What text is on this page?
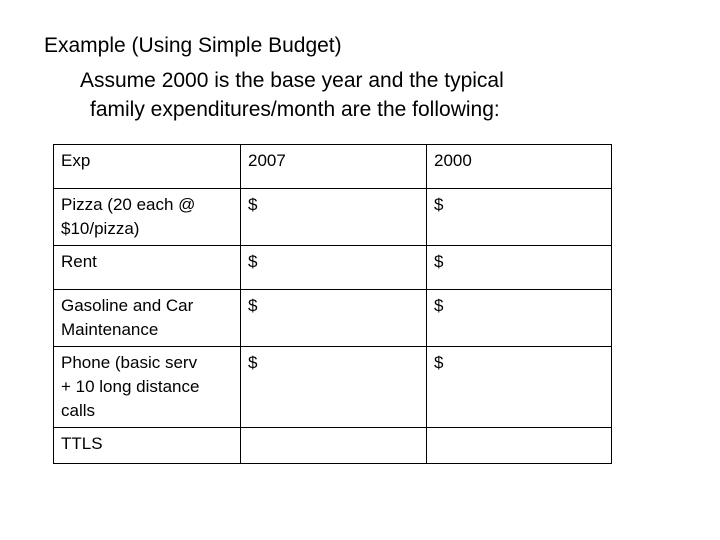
Example (Using Simple Budget)
Assume 2000 is the base year and the typical
family expenditures/month are the following:
Exp	2007	2000

Pizza (20 each @
$10/pizza)	$	$

Rent	$	$

Gasoline and Car
Maintenance	$	$

Phone (basic serv
+ 10 long distance
calls	$	$

TTLS		
